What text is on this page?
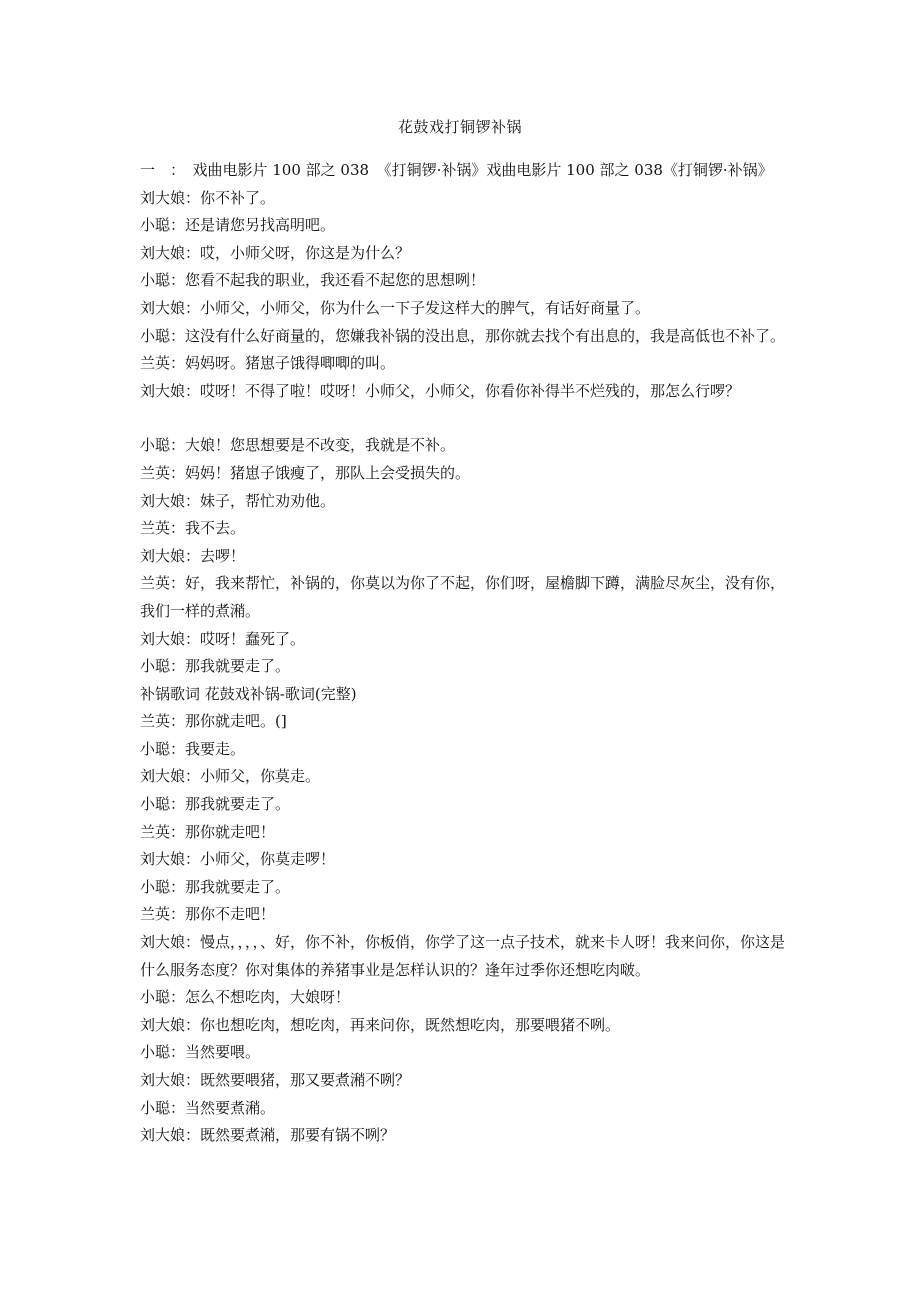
花鼓戏打铜锣补锅

一　：　戏曲电影片 100 部之 038　《打铜锣·补锅》戏曲电影片 100 部之 038《打铜锣·补锅》

刘大娘：你不补了。

小聪：还是请您另找高明吧。

刘大娘：哎，小师父呀，你这是为什么？

小聪：您看不起我的职业，我还看不起您的思想咧！

刘大娘：小师父，小师父，你为什么一下子发这样大的脾气，有话好商量了。

小聪：这没有什么好商量的，您嫌我补锅的没出息，那你就去找个有出息的，我是高低也不补了。

兰英：妈妈呀。猪崽子饿得唧唧的叫。

刘大娘：哎呀！不得了啦！哎呀！小师父，小师父，你看你补得半不烂残的，那怎么行啰？

小聪：大娘！您思想要是不改变，我就是不补。

兰英：妈妈！猪崽子饿瘦了，那队上会受损失的。

刘大娘：妹子，帮忙劝劝他。

兰英：我不去。

刘大娘：去啰！

兰英：好，我来帮忙，补锅的，你莫以为你了不起，你们呀，屋檐脚下蹲，满脸尽灰尘，没有你，我们一样的煮潲。

刘大娘：哎呀！蠢死了。

小聪：那我就要走了。

补锅歌词 花鼓戏补锅-歌词(完整)

兰英：那你就走吧。(]

小聪：我要走。

刘大娘：小师父，你莫走。

小聪：那我就要走了。

兰英：那你就走吧！

刘大娘：小师父，你莫走啰！

小聪：那我就要走了。

兰英：那你不走吧！

刘大娘：慢点，，，，、好，你不补，你板俏，你学了这一点子技术，就来卡人呀！我来问你，你这是什么服务态度？你对集体的养猪事业是怎样认识的？逢年过季你还想吃肉啵。

小聪：怎么不想吃肉，大娘呀！

刘大娘：你也想吃肉，想吃肉，再来问你，既然想吃肉，那要喂猪不咧。

小聪：当然要喂。

刘大娘：既然要喂猪，那又要煮潲不咧？

小聪：当然要煮潲。

刘大娘：既然要煮潲，那要有锅不咧？
